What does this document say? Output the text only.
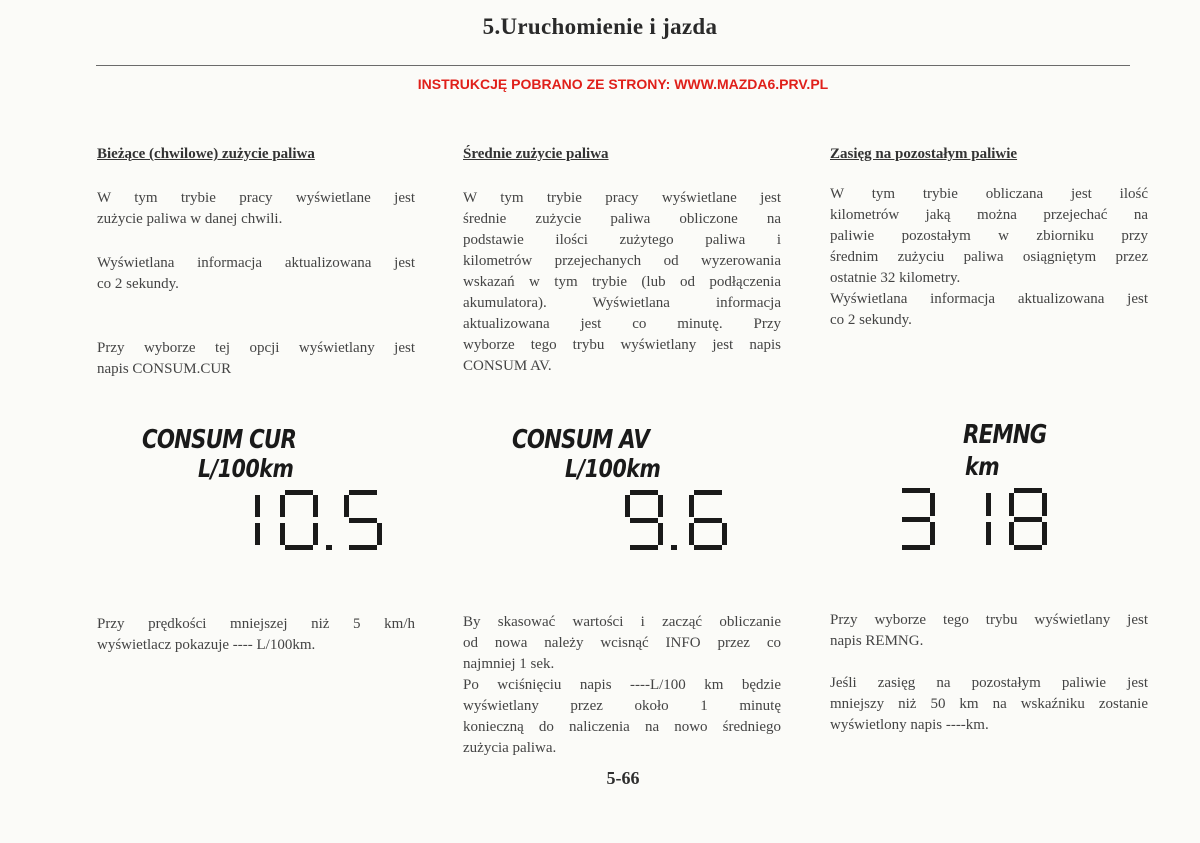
5.Uruchomienie i jazda
INSTRUKCJĘ POBRANO ZE STRONY: WWW.MAZDA6.PRV.PL
Bieżące (chwilowe) zużycie paliwa
W tym trybie pracy wyświetlane jest
zużycie paliwa w danej chwili.
Wyświetlana informacja aktualizowana jest
co 2 sekundy.
Przy wyborze tej opcji wyświetlany jest
napis CONSUM.CUR
CONSUM CUR
L/100km
Przy prędkości mniejszej niż 5 km/h
wyświetlacz pokazuje ---- L/100km.
Średnie zużycie paliwa
W tym trybie pracy wyświetlane jest
średnie zużycie paliwa obliczone na
podstawie ilości zużytego paliwa i
kilometrów przejechanych od wyzerowania
wskazań w tym trybie (lub od podłączenia
akumulatora). Wyświetlana informacja
aktualizowana jest co minutę. Przy
wyborze tego trybu wyświetlany jest napis
CONSUM AV.
CONSUM AV
L/100km
By skasować wartości i zacząć obliczanie
od nowa należy wcisnąć INFO przez co
najmniej 1 sek.
Po wciśnięciu napis ----L/100 km będzie
wyświetlany przez około 1 minutę
konieczną do naliczenia na nowo średniego
zużycia paliwa.
Zasięg na pozostałym paliwie
W tym trybie obliczana jest ilość
kilometrów jaką można przejechać na
paliwie pozostałym w zbiorniku przy
średnim zużyciu paliwa osiągniętym przez
ostatnie 32 kilometry.
Wyświetlana informacja aktualizowana jest
co 2 sekundy.
REMNG
km
Przy wyborze tego trybu wyświetlany jest
napis REMNG.
Jeśli zasięg na pozostałym paliwie jest
mniejszy niż 50 km na wskaźniku zostanie
wyświetlony napis ----km.
5-66
